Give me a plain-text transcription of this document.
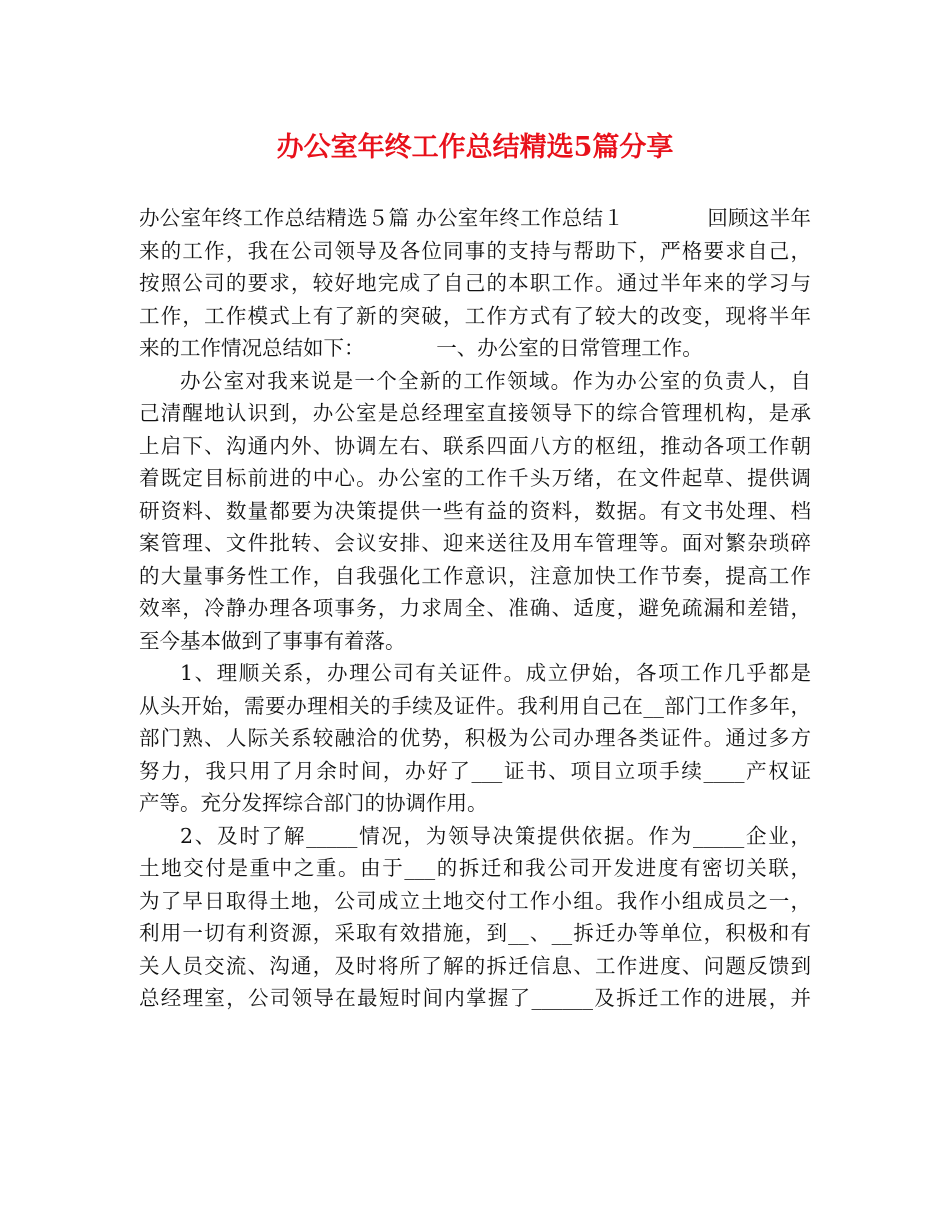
办公室年终工作总结精选5篇分享
办公室年终工作总结精选５篇 办公室年终工作总结１　　　　回顾这半年
来的工作，我在公司领导及各位同事的支持与帮助下，严格要求自己，
按照公司的要求，较好地完成了自己的本职工作。通过半年来的学习与
工作，工作模式上有了新的突破，工作方式有了较大的改变，现将半年
来的工作情况总结如下：　　　　一、办公室的日常管理工作。
办公室对我来说是一个全新的工作领域。作为办公室的负责人，自
己清醒地认识到，办公室是总经理室直接领导下的综合管理机构，是承
上启下、沟通内外、协调左右、联系四面八方的枢纽，推动各项工作朝
着既定目标前进的中心。办公室的工作千头万绪，在文件起草、提供调
研资料、数量都要为决策提供一些有益的资料，数据。有文书处理、档
案管理、文件批转、会议安排、迎来送往及用车管理等。面对繁杂琐碎
的大量事务性工作，自我强化工作意识，注意加快工作节奏，提高工作
效率，冷静办理各项事务，力求周全、准确、适度，避免疏漏和差错，
至今基本做到了事事有着落。
1、理顺关系，办理公司有关证件。成立伊始，各项工作几乎都是
从头开始，需要办理相关的手续及证件。我利用自己在__部门工作多年，
部门熟、人际关系较融洽的优势，积极为公司办理各类证件。通过多方
努力，我只用了月余时间，办好了___证书、项目立项手续____产权证
产等。充分发挥综合部门的协调作用。
2、及时了解_____情况，为领导决策提供依据。作为_____企业，
土地交付是重中之重。由于___的拆迁和我公司开发进度有密切关联，
为了早日取得土地，公司成立土地交付工作小组。我作小组成员之一，
利用一切有利资源，采取有效措施，到__、__拆迁办等单位，积极和有
关人员交流、沟通，及时将所了解的拆迁信息、工作进度、问题反馈到
总经理室，公司领导在最短时间内掌握了______及拆迁工作的进展，并
